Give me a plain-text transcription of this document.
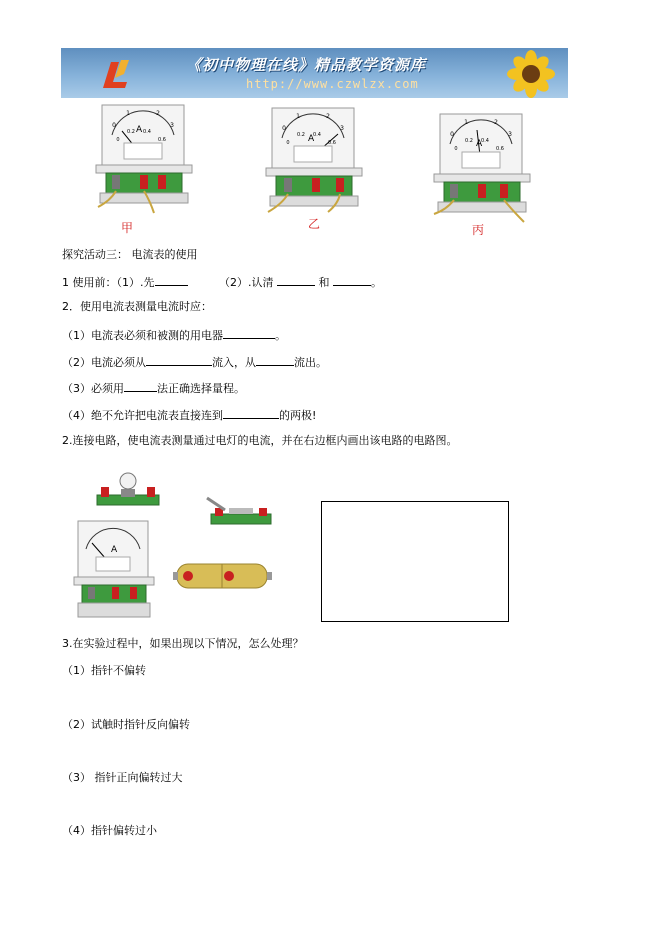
《初中物理在线》精品教学资源库
http://www.czwlzx.com
0
1	2
3
0
0.2 0.4
0.6
A
甲
0
1	2
3
0
0.2 0.4
0.6
A
乙
0
1	2
3
0
0.2 0.4
0.6
A
丙
探究活动三： 电流表的使用
1 使用前：（1）.先	（2）.认清	和	。
2．使用电流表测量电流时应：
（1）电流表必须和被测的用电器	。
（2）电流必须从	流入，从	流出。
（3）必须用	法正确选择量程。
（4）绝不允许把电流表直接连到	的两极!
2.连接电路，使电流表测量通过电灯的电流，并在右边框内画出该电路的电路图。
A
3.在实验过程中，如果出现以下情况，怎么处理？
（1）指针不偏转
（2）试触时指针反向偏转
（3） 指针正向偏转过大
（4）指针偏转过小
